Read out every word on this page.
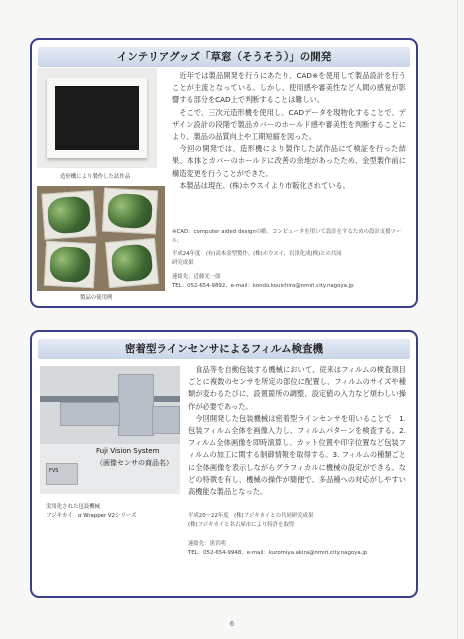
インテリアグッズ「草窓（そうそう）」の開発
造形機により製作した試作品
製品の使用例
　近年では製品開発を行うにあたり、CAD※を使用して製品設計を行うことが主流となっている。しかし、使用感や審美性など人間の感覚が影響する部分をCAD上で判断することは難しい。
　そこで、三次元造形機を使用し、CADデータを現物化することで、デザイン設計の段階で製品カバーのホールド感や審美性を判断することにより、製品の品質向上や工期短縮を図った。
　今回の開発では、造形機により製作した試作品にて検証を行った結果、本体とカバーのホールドに改善の余地があったため、金型製作前に構造変更を行うことができた。
　本製品は現在、(株)ホウスイより市販化されている。
※CAD：computer aided designの略。コンピュータを用いて設計をするための設計支援ツール。
平成24年度　(有)高木金型製作、(株)ホウスイ、岩津化成(株)との共同
研究成果
連絡先：近藤光一郎
TEL：052-654-9892、e-mail：kondo.kouichiro@nmiri.city.nagoya.jp
密着型ラインセンサによるフィルム検査機
FVS
Fuji Vision System
（画像センサの商品名）
実用化された包装機械
フジキカイ　α Wrapper V2シリーズ
　食品等を自動包装する機械において、従来はフィルムの検査項目ごとに複数のセンサを所定の部位に配置し、フィルムのサイズや種類が変わるたびに、設置箇所の調整、設定値の入力など煩わしい操作が必要であった。
　今回開発した包装機械は密着型ラインセンサを用いることで　1. 包装フィルム全体を画像入力し、フィルムパターンを検査する。2. フィルム全体画像を即時演算し、カット位置や印字位置など包装フィルムの加工に関する制御情報を取得する。3. フィルムの種類ごとに全体画像を表示しながらグラフィカルに機械の設定ができる。などの特徴を有し、機械の操作が簡便で、多品種への対応がしやすい高機能な製品となった。
平成20～22年度　(株)フジキカイとの共同研究成果
(株)フジキカイと名古屋市により特許を取得
連絡先：黒宮明
TEL：052-654-9948、e-mail：kuromiya.akira@nmiri.city.nagoya.jp
6
